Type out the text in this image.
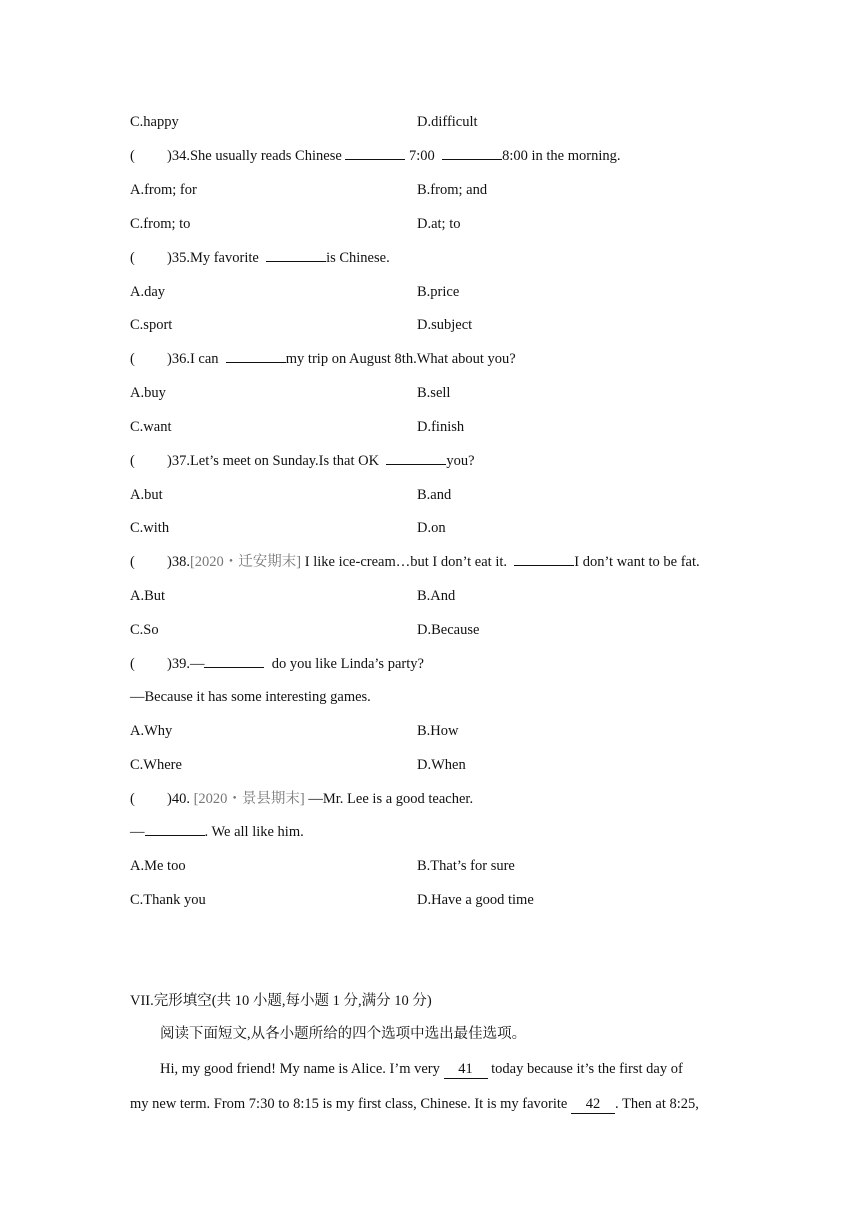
C.happy	D.difficult
( )34.She usually reads Chinese	7:00	8:00 in the morning.
A.from; for	B.from; and
C.from; to	D.at; to
( )35.My favorite	is Chinese.
A.day	B.price
C.sport	D.subject
( )36.I can	my trip on August 8th.What about you?
A.buy	B.sell
C.want	D.finish
( )37.Let’s meet on Sunday.Is that OK	you?
A.but	B.and
C.with	D.on
( )38.[2020・迁安期末] I like ice-cream…but I don’t eat it.	I don’t want to be fat.
A.But	B.And
C.So	D.Because
( )39.—	do you like Linda’s party?
—Because it has some interesting games.
A.Why	B.How
C.Where	D.When
( )40. [2020・景县期末] —Mr. Lee is a good teacher.
—	. We all like him.
A.Me too	B.That’s for sure
C.Thank you	D.Have a good time
VII.完形填空(共 10 小题,每小题 1 分,满分 10 分)
阅读下面短文,从各小题所给的四个选项中选出最佳选项。
Hi, my good friend! My name is Alice. I’m very 41 today because it’s the first day of
my new term. From 7:30 to 8:15 is my first class, Chinese. It is my favorite 42 . Then at 8:25,
